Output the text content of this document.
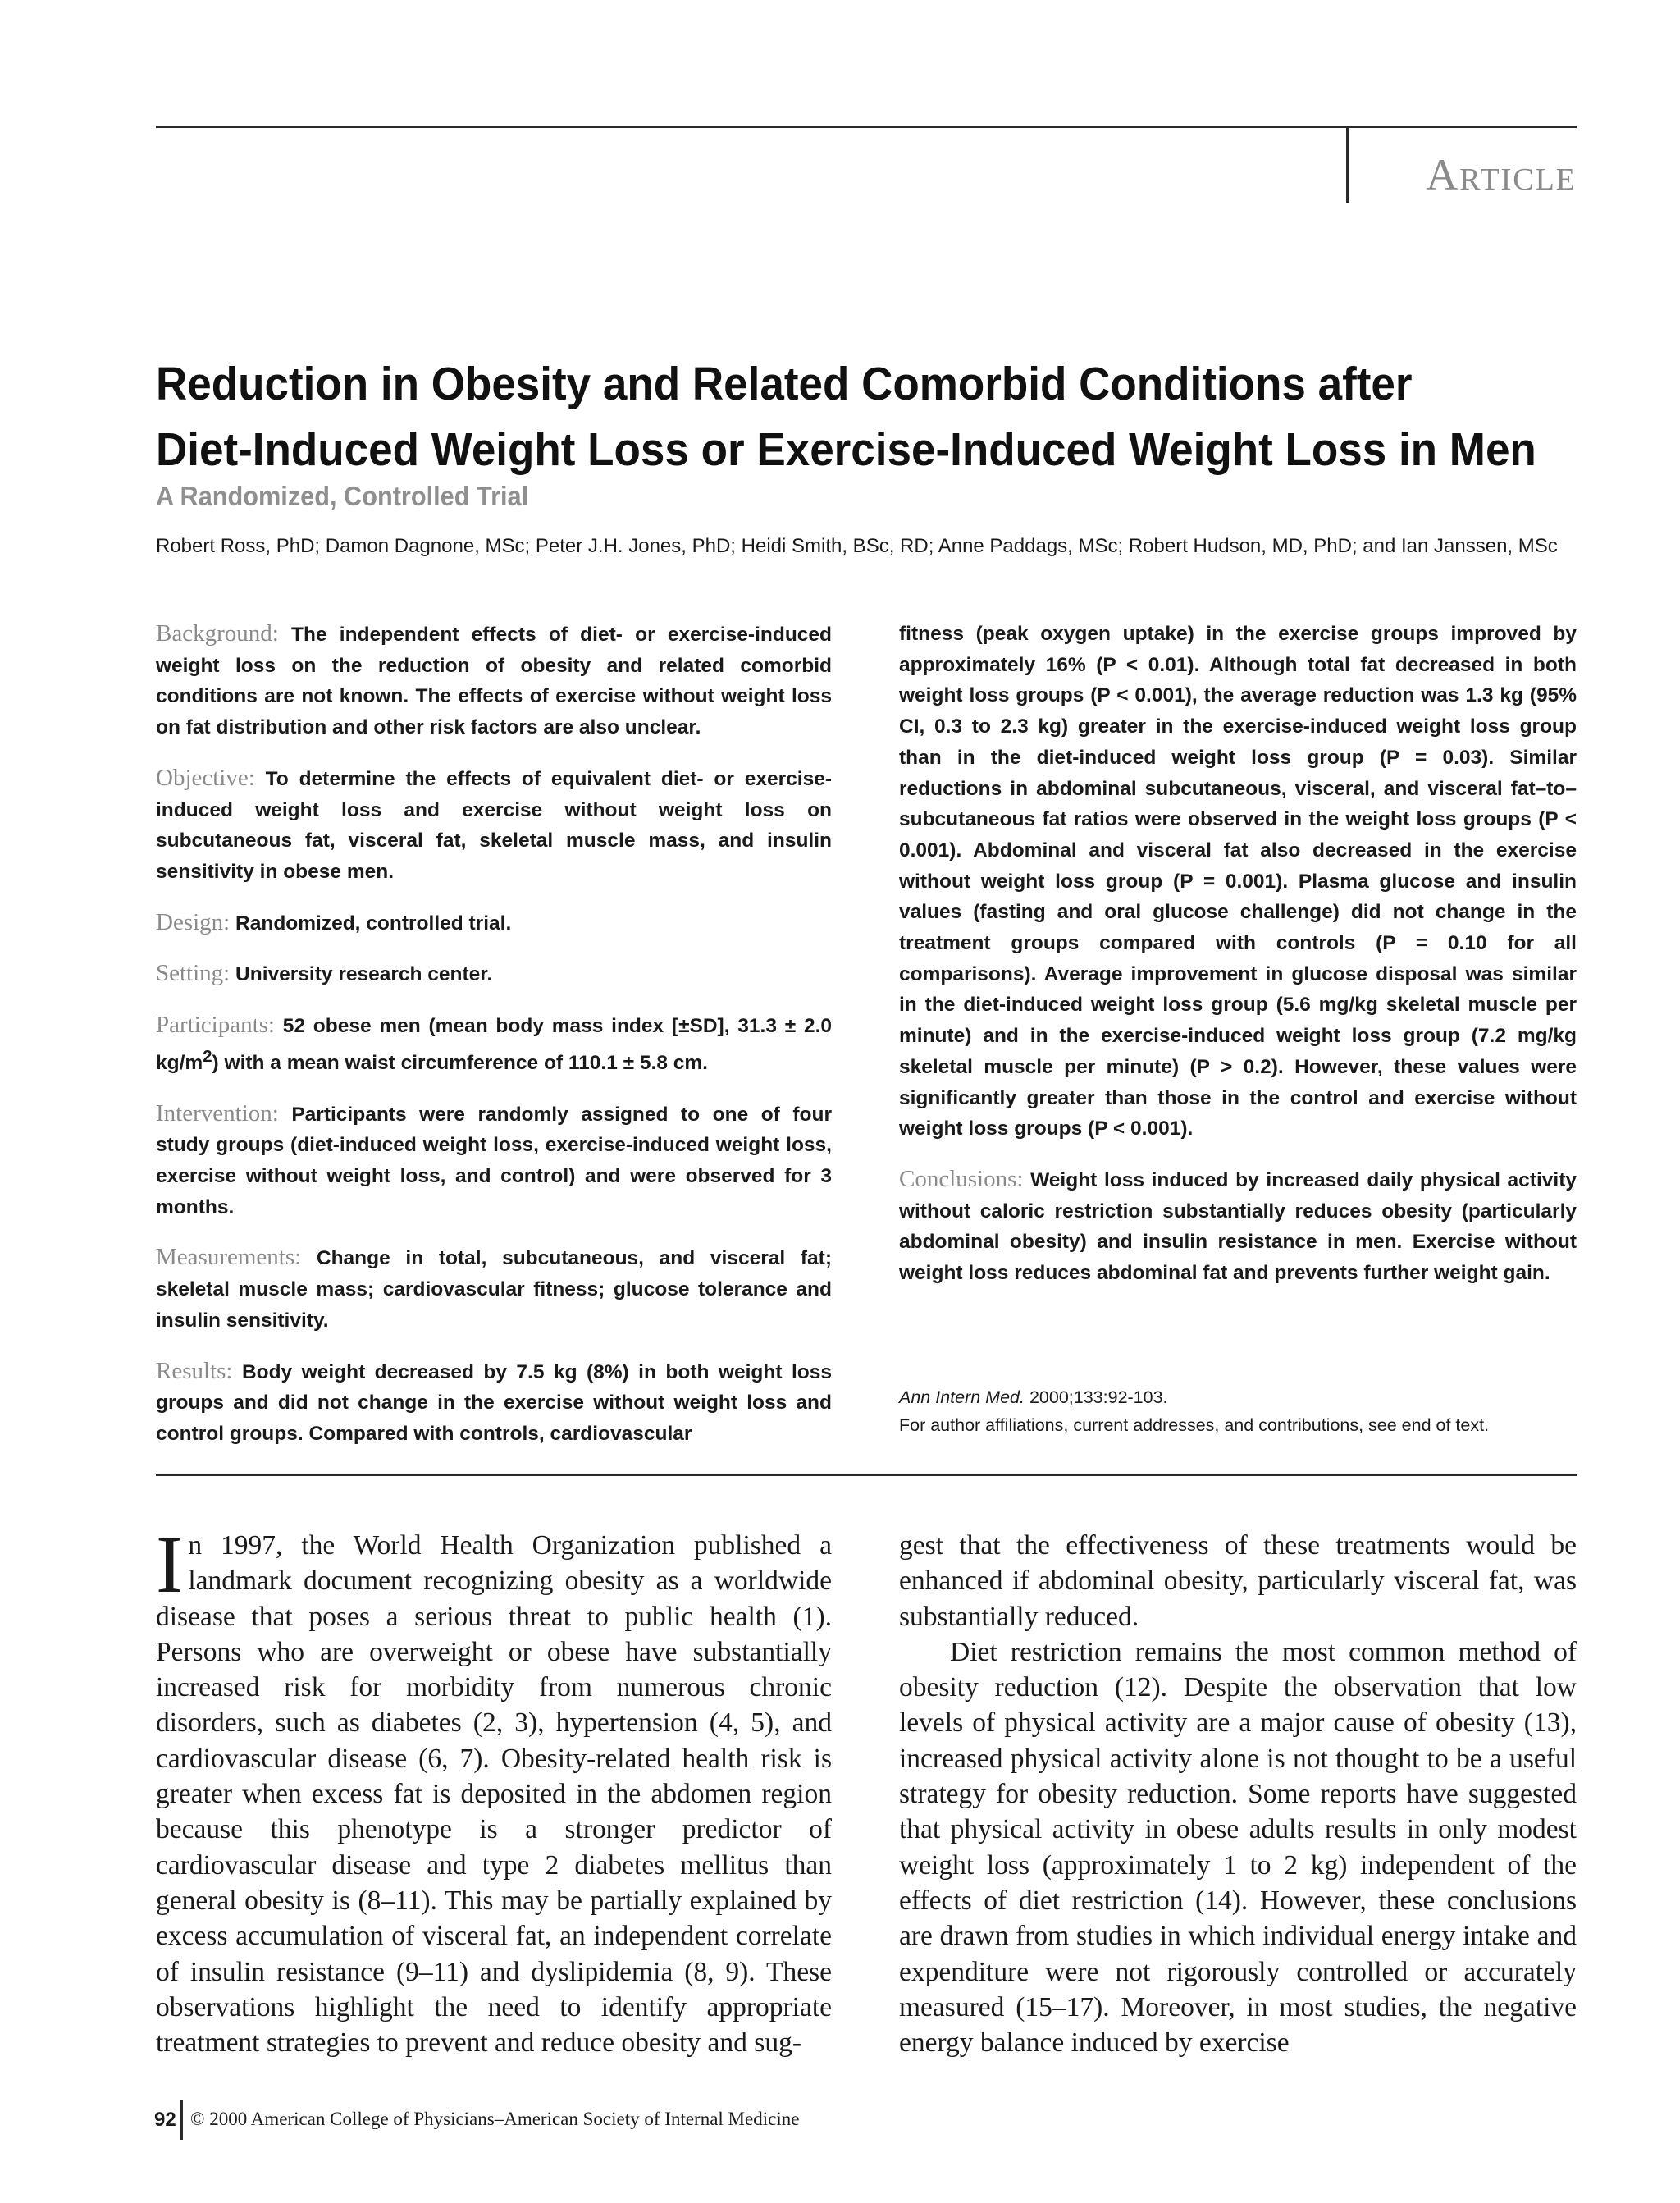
Article
Reduction in Obesity and Related Comorbid Conditions after
Diet-Induced Weight Loss or Exercise-Induced Weight Loss in Men
A Randomized, Controlled Trial
Robert Ross, PhD; Damon Dagnone, MSc; Peter J.H. Jones, PhD; Heidi Smith, BSc, RD; Anne Paddags, MSc; Robert Hudson, MD, PhD; and Ian Janssen, MSc

Background: The independent effects of diet- or exercise-induced weight loss on the reduction of obesity and related comorbid conditions are not known. The effects of exercise without weight loss on fat distribution and other risk factors are also unclear.

Objective: To determine the effects of equivalent diet- or exercise-induced weight loss and exercise without weight loss on subcutaneous fat, visceral fat, skeletal muscle mass, and insulin sensitivity in obese men.

Design: Randomized, controlled trial.

Setting: University research center.

Participants: 52 obese men (mean body mass index [±SD], 31.3 ± 2.0 $kg/m^2$) with a mean waist circumference of 110.1 ± 5.8 cm.

Intervention: Participants were randomly assigned to one of four study groups (diet-induced weight loss, exercise-induced weight loss, exercise without weight loss, and control) and were observed for 3 months.

Measurements: Change in total, subcutaneous, and visceral fat; skeletal muscle mass; cardiovascular fitness; glucose tolerance and insulin sensitivity.

Results: Body weight decreased by 7.5 kg (8%) in both weight loss groups and did not change in the exercise without weight loss and control groups. Compared with controls, cardiovascular

fitness (peak oxygen uptake) in the exercise groups improved by approximately 16% (P < 0.01). Although total fat decreased in both weight loss groups (P < 0.001), the average reduction was 1.3 kg (95% CI, 0.3 to 2.3 kg) greater in the exercise-induced weight loss group than in the diet-induced weight loss group (P = 0.03). Similar reductions in abdominal subcutaneous, visceral, and visceral fat–to–subcutaneous fat ratios were observed in the weight loss groups (P < 0.001). Abdominal and visceral fat also decreased in the exercise without weight loss group (P = 0.001). Plasma glucose and insulin values (fasting and oral glucose challenge) did not change in the treatment groups compared with controls (P = 0.10 for all comparisons). Average improvement in glucose disposal was similar in the diet-induced weight loss group (5.6 mg/kg skeletal muscle per minute) and in the exercise-induced weight loss group (7.2 mg/kg skeletal muscle per minute) (P > 0.2). However, these values were significantly greater than those in the control and exercise without weight loss groups (P < 0.001).

Conclusions: Weight loss induced by increased daily physical activity without caloric restriction substantially reduces obesity (particularly abdominal obesity) and insulin resistance in men. Exercise without weight loss reduces abdominal fat and prevents further weight gain.

Ann Intern Med. 2000;133:92-103.
For author affiliations, current addresses, and contributions, see end of text.

In 1997, the World Health Organization published a landmark document recognizing obesity as a worldwide disease that poses a serious threat to public health (1). Persons who are overweight or obese have substantially increased risk for morbidity from numerous chronic disorders, such as diabetes (2, 3), hypertension (4, 5), and cardiovascular disease (6, 7). Obesity-related health risk is greater when excess fat is deposited in the abdomen region because this phenotype is a stronger predictor of cardiovascular disease and type 2 diabetes mellitus than general obesity is (8–11). This may be partially explained by excess accumulation of visceral fat, an independent correlate of insulin resistance (9–11) and dyslipidemia (8, 9). These observations highlight the need to identify appropriate treatment strategies to prevent and reduce obesity and sug-

gest that the effectiveness of these treatments would be enhanced if abdominal obesity, particularly visceral fat, was substantially reduced.

Diet restriction remains the most common method of obesity reduction (12). Despite the observation that low levels of physical activity are a major cause of obesity (13), increased physical activity alone is not thought to be a useful strategy for obesity reduction. Some reports have suggested that physical activity in obese adults results in only modest weight loss (approximately 1 to 2 kg) independent of the effects of diet restriction (14). However, these conclusions are drawn from studies in which individual energy intake and expenditure were not rigorously controlled or accurately measured (15–17). Moreover, in most studies, the negative energy balance induced by exercise

92 © 2000 American College of Physicians–American Society of Internal Medicine
